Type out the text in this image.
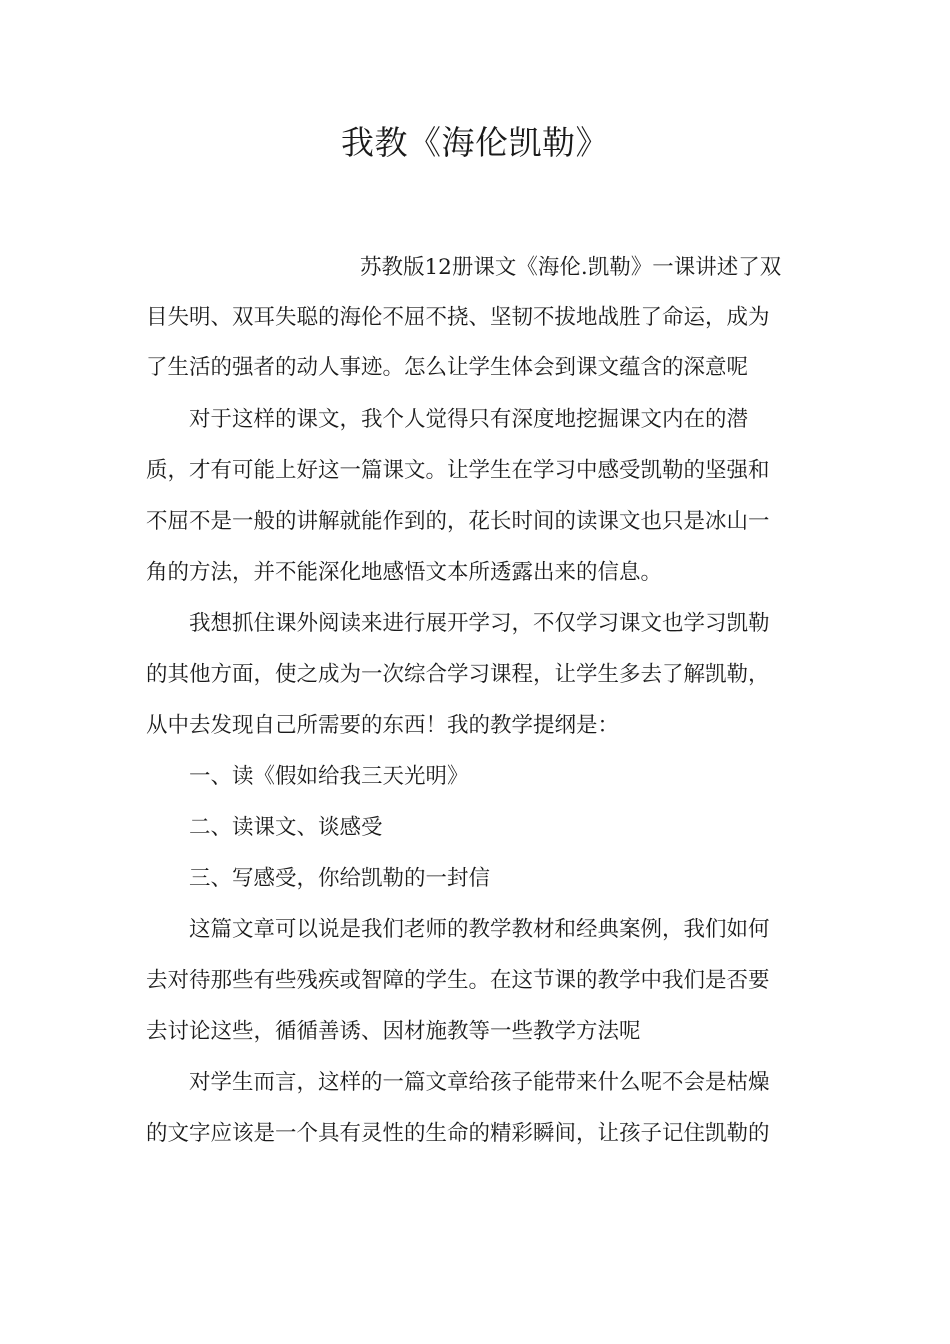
我教《海伦凯勒》

苏教版12册课文《海伦.凯勒》一课讲述了双

目失明、双耳失聪的海伦不屈不挠、坚韧不拔地战胜了命运，成为

了生活的强者的动人事迹。怎么让学生体会到课文蕴含的深意呢

对于这样的课文，我个人觉得只有深度地挖掘课文内在的潜

质，才有可能上好这一篇课文。让学生在学习中感受凯勒的坚强和

不屈不是一般的讲解就能作到的，花长时间的读课文也只是冰山一

角的方法，并不能深化地感悟文本所透露出来的信息。

我想抓住课外阅读来进行展开学习，不仅学习课文也学习凯勒

的其他方面，使之成为一次综合学习课程，让学生多去了解凯勒，

从中去发现自己所需要的东西！我的教学提纲是：

一、读《假如给我三天光明》

二、读课文、谈感受

三、写感受，你给凯勒的一封信

这篇文章可以说是我们老师的教学教材和经典案例，我们如何

去对待那些有些残疾或智障的学生。在这节课的教学中我们是否要

去讨论这些，循循善诱、因材施教等一些教学方法呢

对学生而言，这样的一篇文章给孩子能带来什么呢不会是枯燥

的文字应该是一个具有灵性的生命的精彩瞬间，让孩子记住凯勒的
